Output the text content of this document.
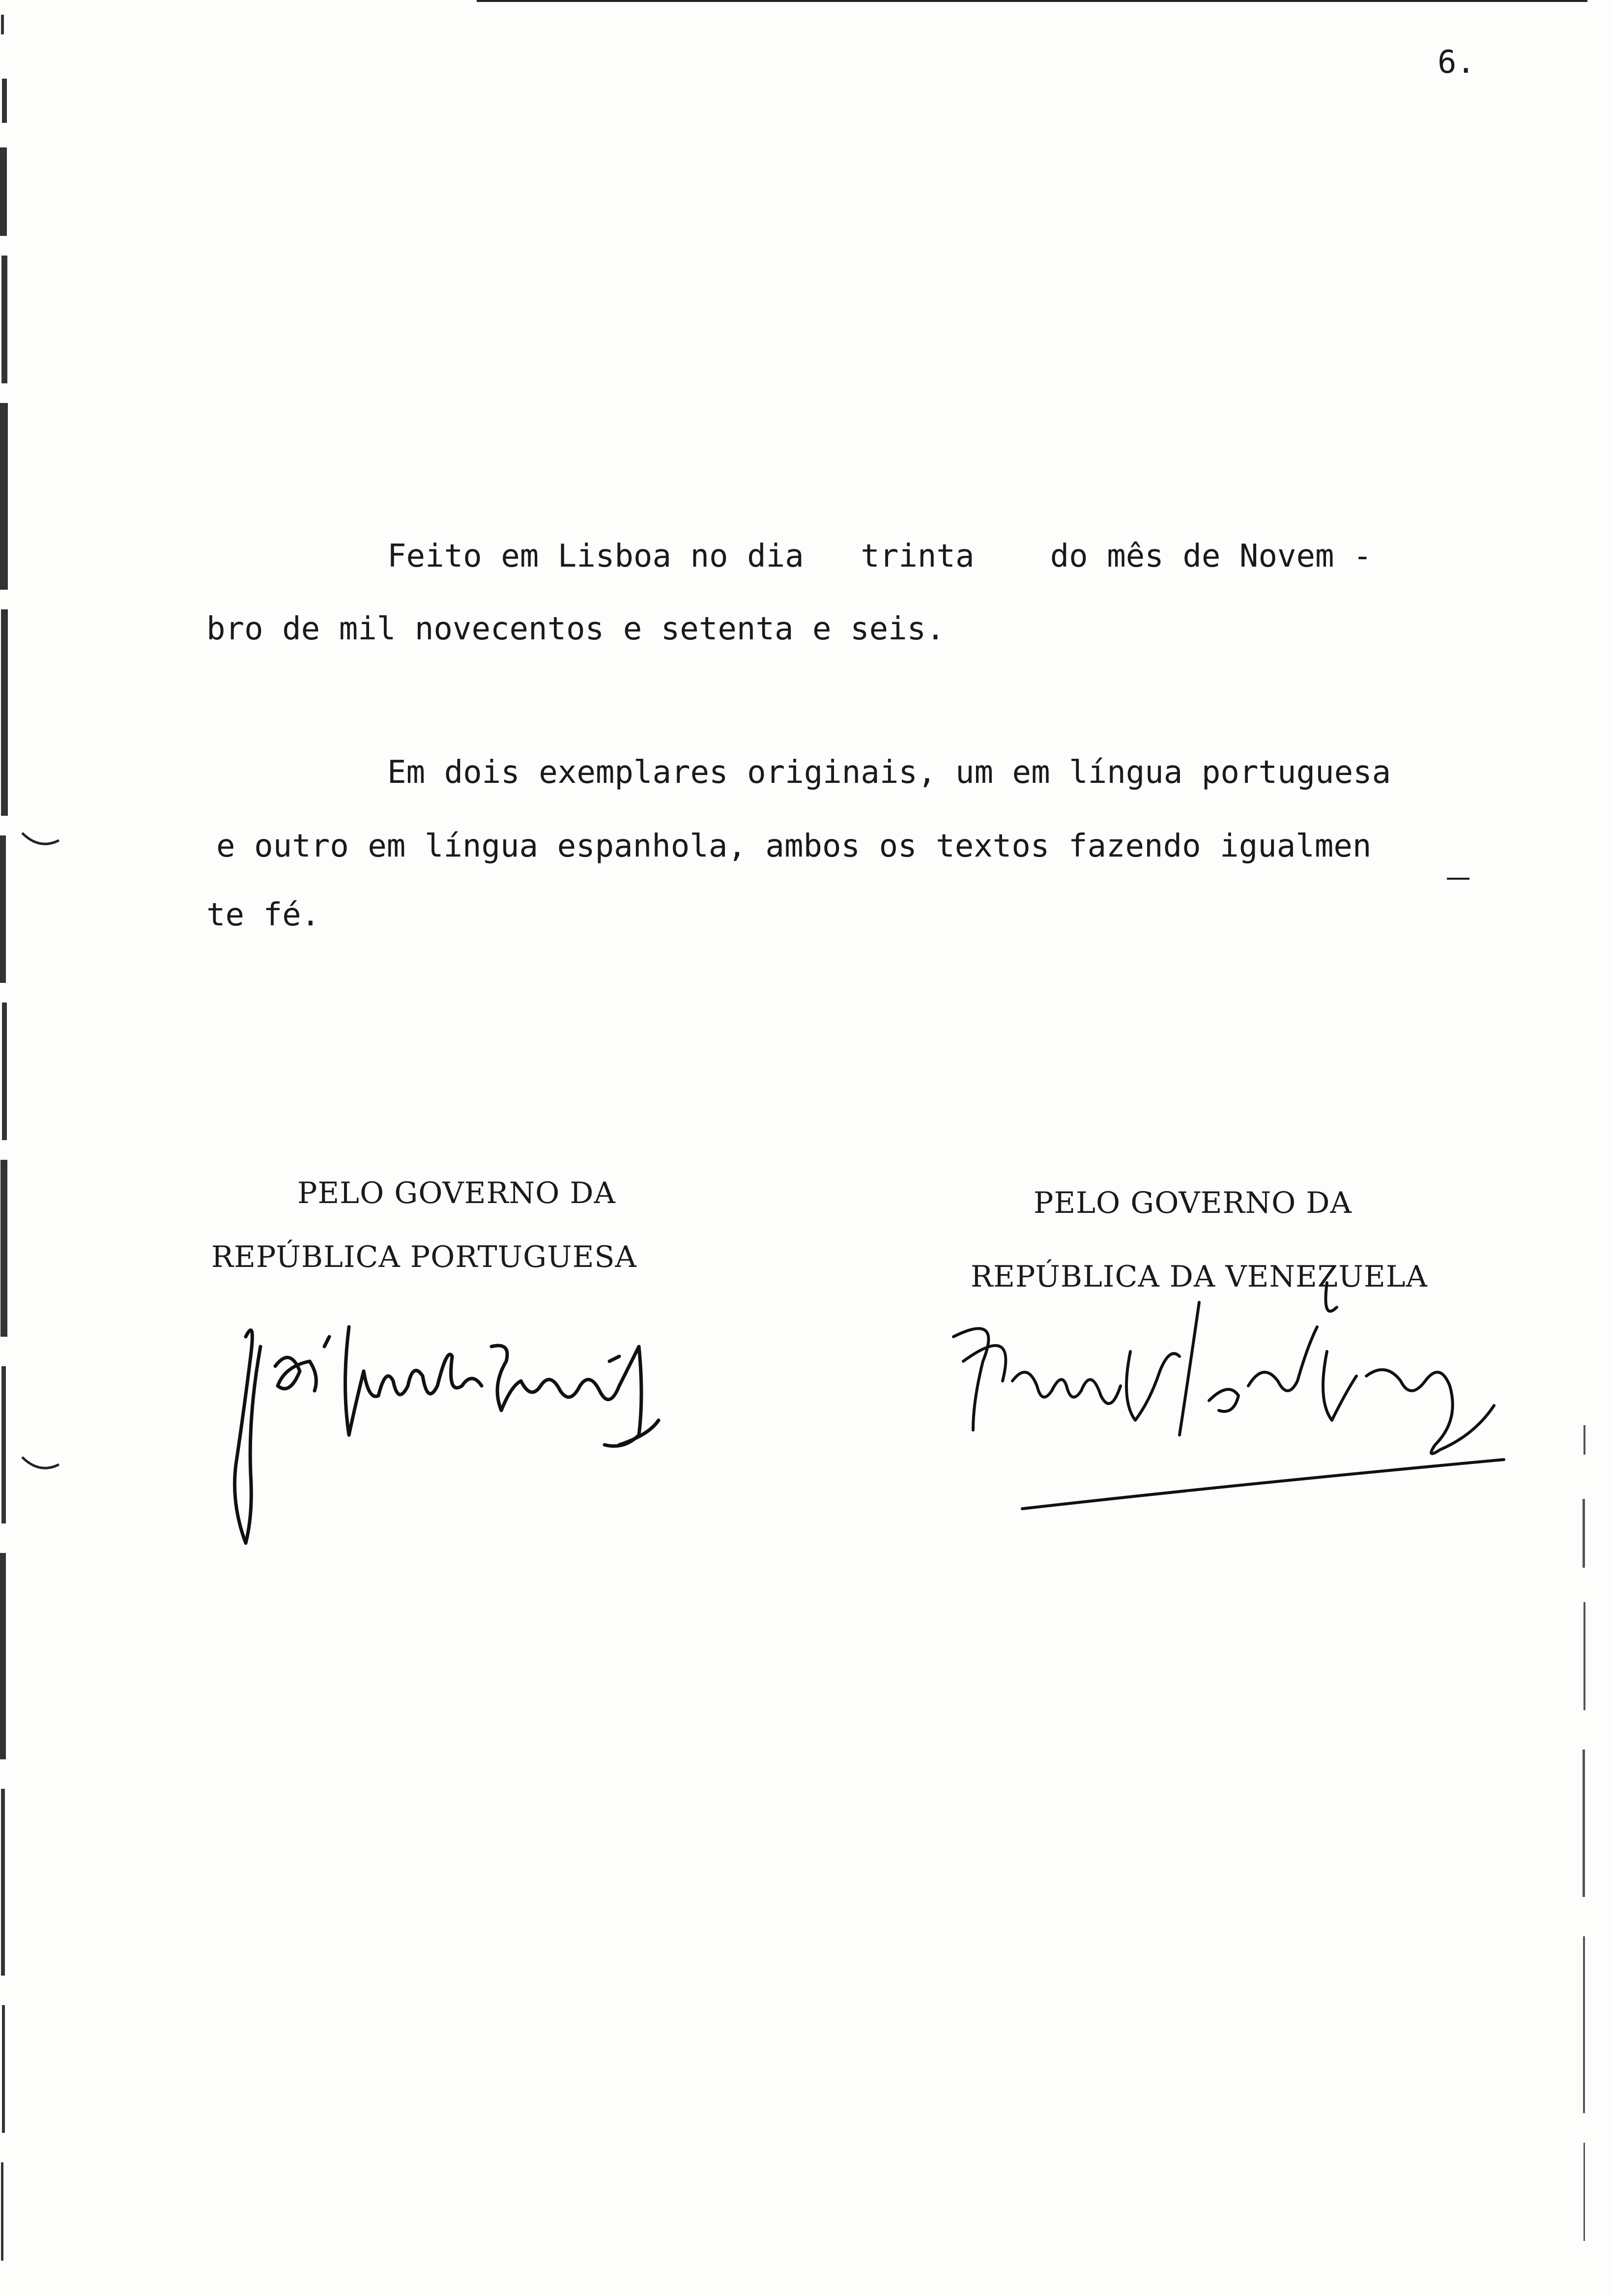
6.
Feito em Lisboa no dia   trinta    do mês de Novem -
bro de mil novecentos e setenta e seis.
Em dois exemplares originais, um em língua portuguesa
e outro em língua espanhola, ambos os textos fazendo igualmen
te fé.
PELO GOVERNO DA
REPÚBLICA PORTUGUESA
PELO GOVERNO DA
REPÚBLICA DA VENEZUELA
